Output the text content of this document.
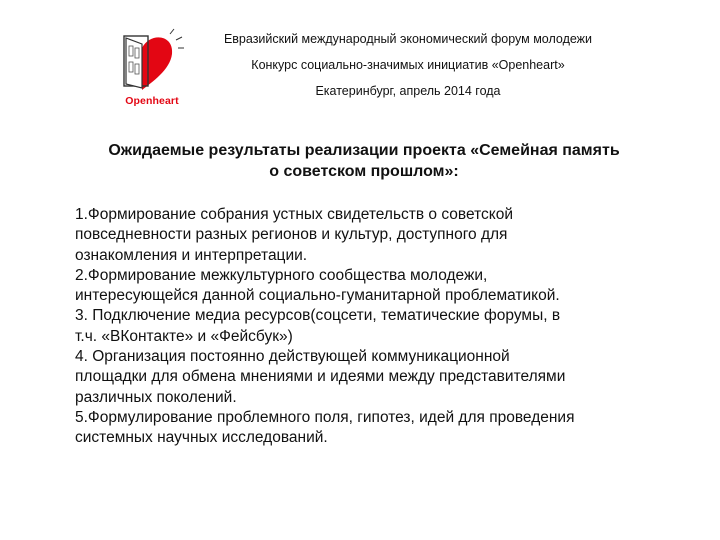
Openheart
Евразийский международный экономический форум молодежи
Конкурс социально-значимых инициатив «Openheart»
Екатеринбург, апрель 2014 года
Ожидаемые результаты реализации проекта «Семейная память
о советском прошлом»:

1.Формирование собрания устных свидетельств о советской

повседневности разных регионов и культур, доступного для

ознакомления и интерпретации.

2.Формирование межкультурного сообщества молодежи,

интересующейся данной социально-гуманитарной проблематикой.

3. Подключение медиа ресурсов(соцсети, тематические форумы, в

т.ч. «ВКонтакте» и «Фейсбук»)

4. Организация постоянно действующей коммуникационной

площадки для обмена мнениями и идеями между представителями

различных поколений.

5.Формулирование проблемного поля, гипотез, идей для проведения

системных научных исследований.
